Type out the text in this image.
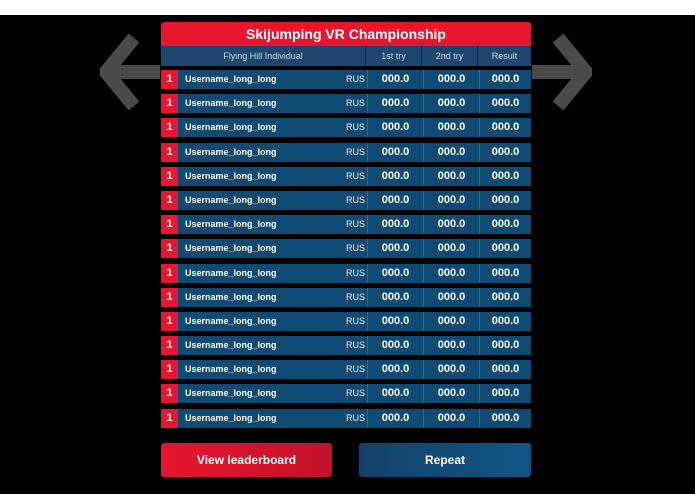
Skijumping VR Championship
Flying Hill Individual	1st try	2nd try	Result
1	Username_long_long	RUS	000.0	000.0	000.0
1	Username_long_long	RUS	000.0	000.0	000.0
1	Username_long_long	RUS	000.0	000.0	000.0
1	Username_long_long	RUS	000.0	000.0	000.0
1	Username_long_long	RUS	000.0	000.0	000.0
1	Username_long_long	RUS	000.0	000.0	000.0
1	Username_long_long	RUS	000.0	000.0	000.0
1	Username_long_long	RUS	000.0	000.0	000.0
1	Username_long_long	RUS	000.0	000.0	000.0
1	Username_long_long	RUS	000.0	000.0	000.0
1	Username_long_long	RUS	000.0	000.0	000.0
1	Username_long_long	RUS	000.0	000.0	000.0
1	Username_long_long	RUS	000.0	000.0	000.0
1	Username_long_long	RUS	000.0	000.0	000.0
1	Username_long_long	RUS	000.0	000.0	000.0
View leaderboard	Repeat
